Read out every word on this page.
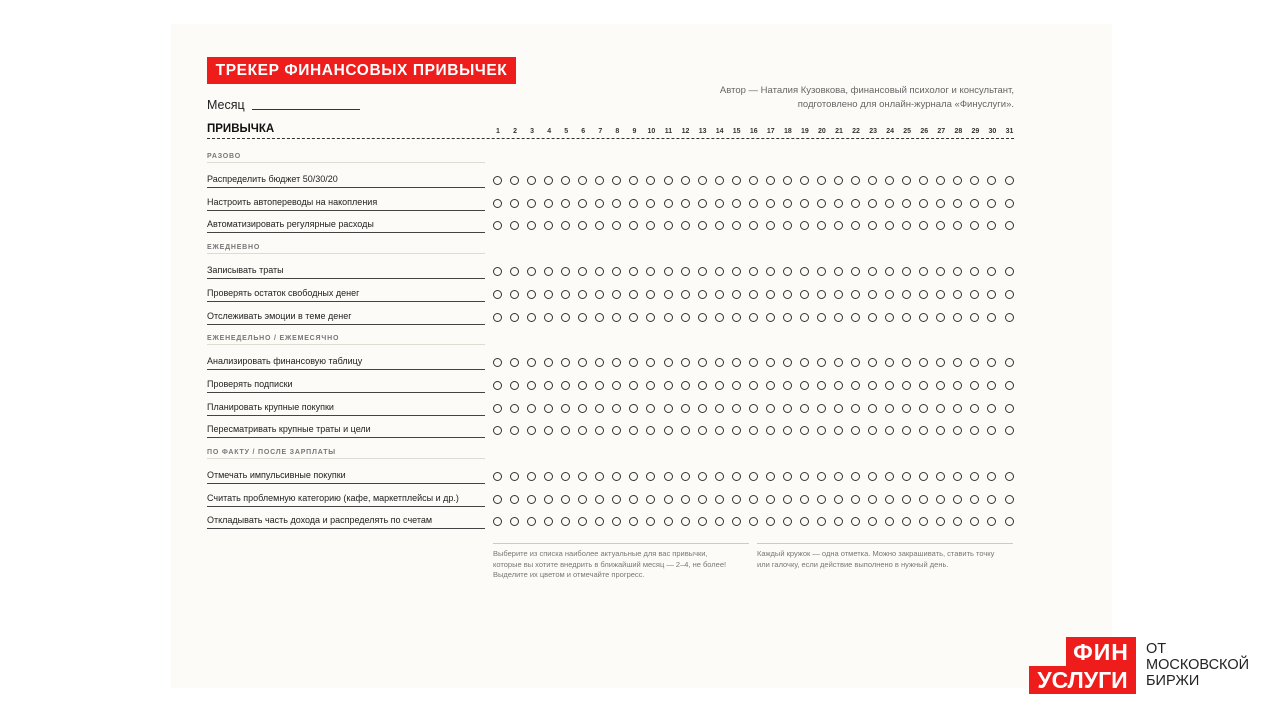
ТРЕКЕР ФИНАНСОВЫХ ПРИВЫЧЕК
Месяц
Автор — Наталия Кузовкова, финансовый психолог и консультант,
подготовлено для онлайн-журнала «Финуслуги».
ПРИВЫЧКА	1	2	3	4	5	6	7	8	9	10	11	12	13	14	15	16	17	18	19	20	21	22	23	24	25	26	27	28	29	30	31
РАЗОВО
Распределить бюджет 50/30/20
Настроить автопереводы на накопления
Автоматизировать регулярные расходы
ЕЖЕДНЕВНО
Записывать траты
Проверять остаток свободных денег
Отслеживать эмоции в теме денег
ЕЖЕНЕДЕЛЬНО / ЕЖЕМЕСЯЧНО
Анализировать финансовую таблицу
Проверять подписки
Планировать крупные покупки
Пересматривать крупные траты и цели
ПО ФАКТУ / ПОСЛЕ ЗАРПЛАТЫ
Отмечать импульсивные покупки
Считать проблемную категорию (кафе, маркетплейсы и др.)
Откладывать часть дохода и распределять по счетам
Выберите из списка наиболее актуальные для вас привычки,
которые вы хотите внедрить в ближайший месяц — 2–4, не более!
Выделите их цветом и отмечайте прогресс.
Каждый кружок — одна отметка. Можно закрашивать, ставить точку
или галочку, если действие выполнено в нужный день.
ФИН
УСЛУГИ
ОТ
МОСКОВСКОЙ
БИРЖИ
